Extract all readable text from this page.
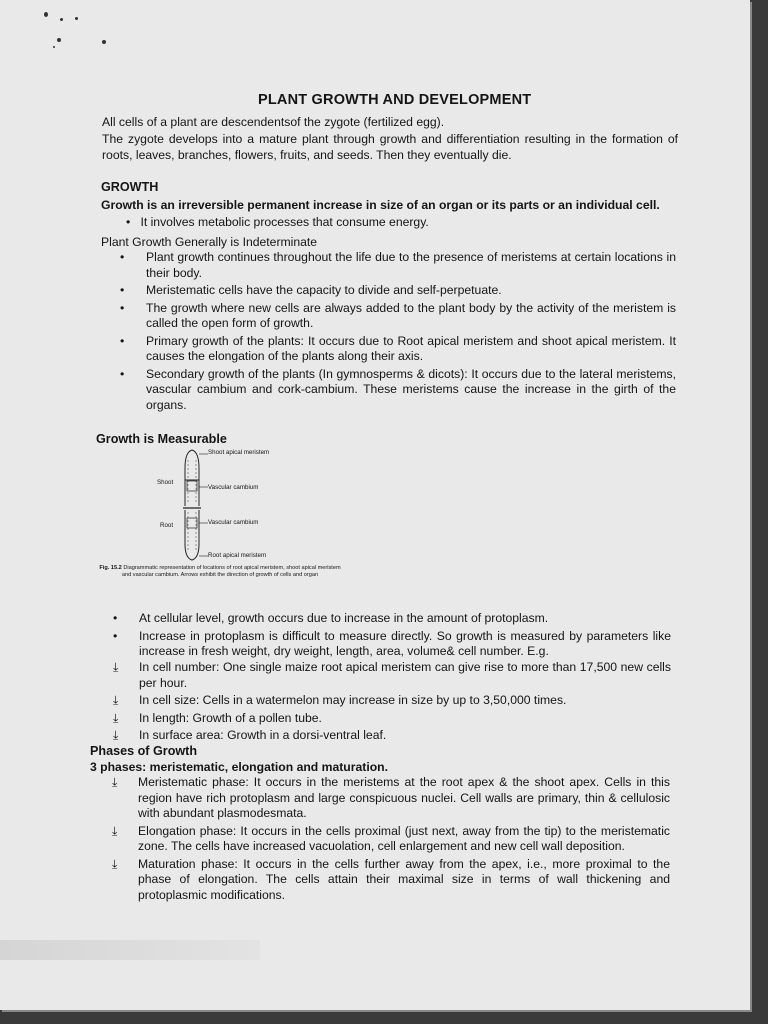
PLANT GROWTH AND DEVELOPMENT
All cells of a plant are descendentsof the zygote (fertilized egg).
The zygote develops into a mature plant through growth and differentiation resulting in the formation of roots, leaves, branches, flowers, fruits, and seeds. Then they eventually die.
GROWTH
Growth is an irreversible permanent increase in size of an organ or its parts or an individual cell.
•   It involves metabolic processes that consume energy.
Plant Growth Generally is Indeterminate
• Plant growth continues throughout the life due to the presence of meristems at certain locations in their body.
• Meristematic cells have the capacity to divide and self-perpetuate.
• The growth where new cells are always added to the plant body by the activity of the meristem is called the open form of growth.
• Primary growth of the plants: It occurs due to Root apical meristem and shoot apical meristem. It causes the elongation of the plants along their axis.
• Secondary growth of the plants (In gymnosperms & dicots): It occurs due to the lateral meristems, vascular cambium and cork-cambium. These meristems cause the increase in the girth of the organs.
Growth is Measurable
Shoot apical meristem
Vascular cambium
Vascular cambium
Root apical meristem
Shoot
Root
Fig. 15.2 Diagrammatic representation of locations of root apical meristem, shoot apical meristem and vascular cambium. Arrows exhibit the direction of growth of cells and organ
• At cellular level, growth occurs due to increase in the amount of protoplasm.
• Increase in protoplasm is difficult to measure directly. So growth is measured by parameters like increase in fresh weight, dry weight, length, area, volume& cell number. E.g.
⤓ In cell number: One single maize root apical meristem can give rise to more than 17,500 new cells per hour.
⤓ In cell size: Cells in a watermelon may increase in size by up to 3,50,000 times.
⤓ In length: Growth of a pollen tube.
⤓ In surface area: Growth in a dorsi-ventral leaf.
Phases of Growth
3 phases: meristematic, elongation and maturation.
⤓ Meristematic phase: It occurs in the meristems at the root apex & the shoot apex. Cells in this region have rich protoplasm and large conspicuous nuclei. Cell walls are primary, thin & cellulosic with abundant plasmodesmata.
⤓ Elongation phase: It occurs in the cells proximal (just next, away from the tip) to the meristematic zone. The cells have increased vacuolation, cell enlargement and new cell wall deposition.
⤓ Maturation phase: It occurs in the cells further away from the apex, i.e., more proximal to the phase of elongation. The cells attain their maximal size in terms of wall thickening and protoplasmic modifications.
